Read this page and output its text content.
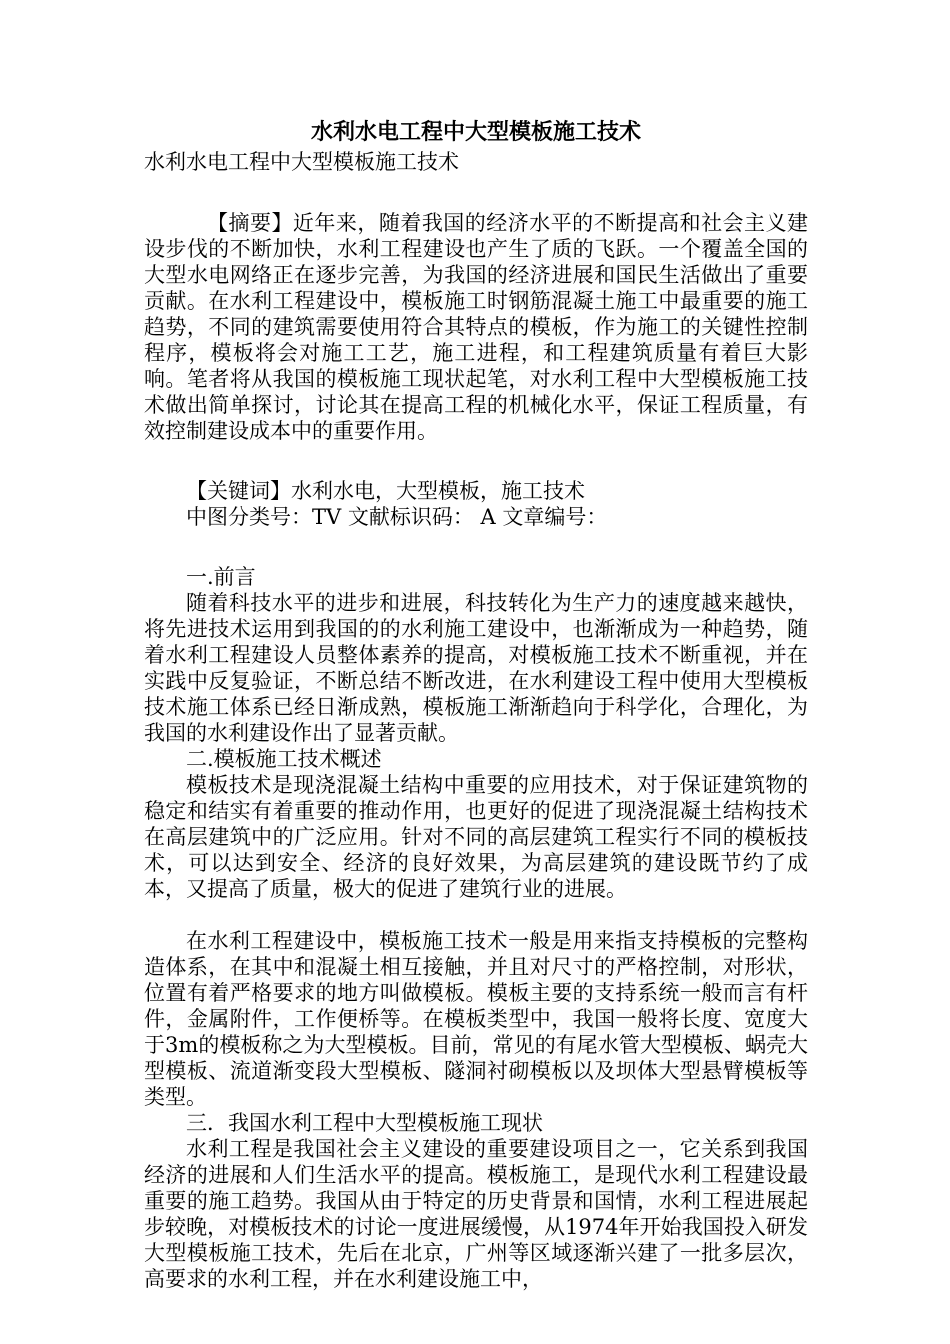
水利水电工程中大型模板施工技术

水利水电工程中大型模板施工技术

【摘要】近年来，随着我国的经济水平的不断提高和社会主义建设步伐的不断加快，水利工程建设也产生了质的飞跃。一个覆盖全国的大型水电网络正在逐步完善，为我国的经济进展和国民生活做出了重要贡献。在水利工程建设中，模板施工时钢筋混凝土施工中最重要的施工趋势，不同的建筑需要使用符合其特点的模板，作为施工的关键性控制程序，模板将会对施工工艺，施工进程，和工程建筑质量有着巨大影响。笔者将从我国的模板施工现状起笔，对水利工程中大型模板施工技术做出简单探讨，讨论其在提高工程的机械化水平，保证工程质量，有效控制建设成本中的重要作用。

【关键词】水利水电，大型模板，施工技术

中图分类号：TV 文献标识码： A 文章编号：

一.前言

随着科技水平的进步和进展，科技转化为生产力的速度越来越快，将先进技术运用到我国的的水利施工建设中，也渐渐成为一种趋势，随着水利工程建设人员整体素养的提高，对模板施工技术不断重视，并在实践中反复验证，不断总结不断改进，在水利建设工程中使用大型模板技术施工体系已经日渐成熟，模板施工渐渐趋向于科学化，合理化，为我国的水利建设作出了显著贡献。

二.模板施工技术概述

模板技术是现浇混凝土结构中重要的应用技术，对于保证建筑物的稳定和结实有着重要的推动作用，也更好的促进了现浇混凝土结构技术在高层建筑中的广泛应用。针对不同的高层建筑工程实行不同的模板技术，可以达到安全、经济的良好效果，为高层建筑的建设既节约了成本，又提高了质量，极大的促进了建筑行业的进展。

在水利工程建设中，模板施工技术一般是用来指支持模板的完整构造体系，在其中和混凝土相互接触，并且对尺寸的严格控制，对形状，位置有着严格要求的地方叫做模板。模板主要的支持系统一般而言有杆件，金属附件，工作便桥等。在模板类型中，我国一般将长度、宽度大于3m的模板称之为大型模板。目前，常见的有尾水管大型模板、蜗壳大型模板、流道渐变段大型模板、隧洞衬砌模板以及坝体大型悬臂模板等类型。

三．我国水利工程中大型模板施工现状

水利工程是我国社会主义建设的重要建设项目之一，它关系到我国经济的进展和人们生活水平的提高。模板施工，是现代水利工程建设最重要的施工趋势。我国从由于特定的历史背景和国情，水利工程进展起步较晚，对模板技术的讨论一度进展缓慢，从1974年开始我国投入研发大型模板施工技术，先后在北京，广州等区域逐渐兴建了一批多层次，高要求的水利工程，并在水利建设施工中，
